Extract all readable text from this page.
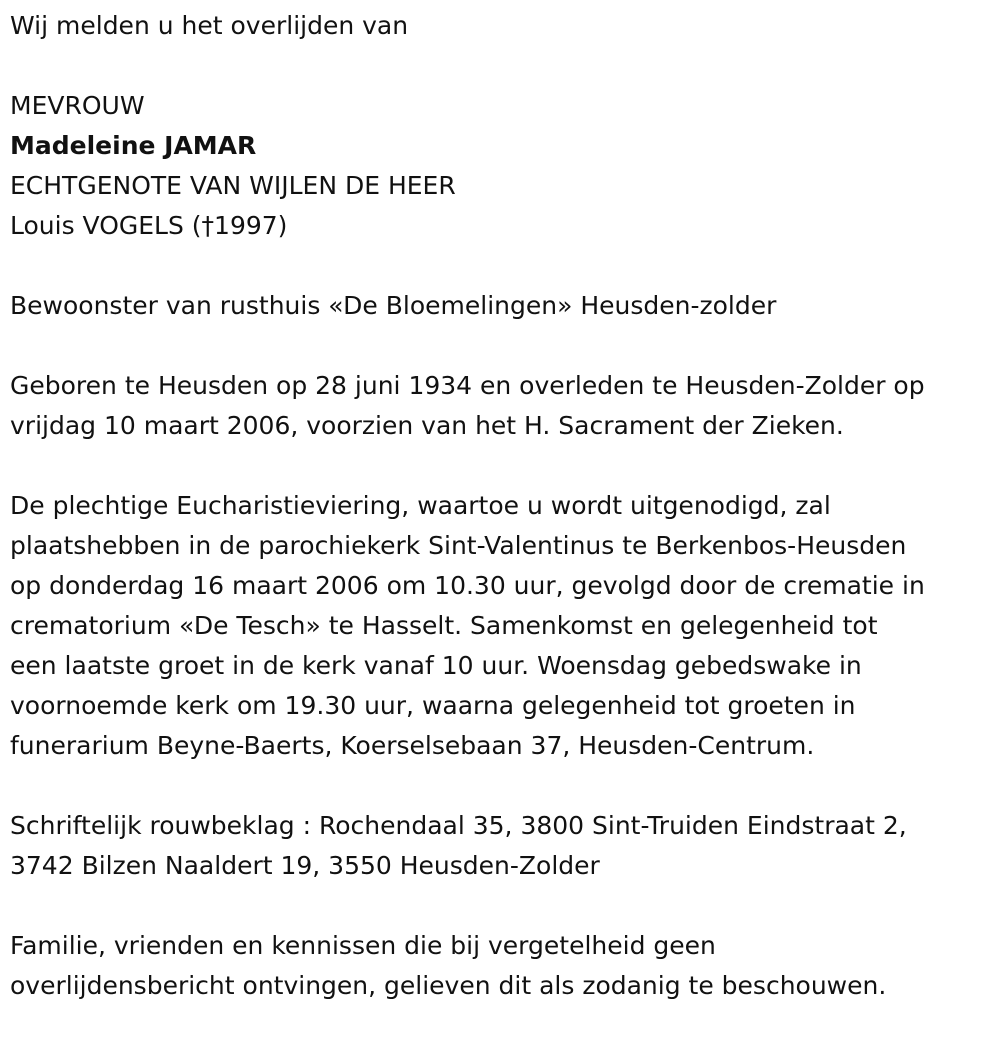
Wij melden u het overlijden van
MEVROUW
Madeleine JAMAR
ECHTGENOTE VAN WIJLEN DE HEER
Louis VOGELS (†1997)
Bewoonster van rusthuis «De Bloemelingen» Heusden-zolder
Geboren te Heusden op 28 juni 1934 en overleden te Heusden-Zolder op
vrijdag 10 maart 2006, voorzien van het H. Sacrament der Zieken.
De plechtige Eucharistieviering, waartoe u wordt uitgenodigd, zal
plaatshebben in de parochiekerk Sint-Valentinus te Berkenbos-Heusden
op donderdag 16 maart 2006 om 10.30 uur, gevolgd door de crematie in
crematorium «De Tesch» te Hasselt. Samenkomst en gelegenheid tot
een laatste groet in de kerk vanaf 10 uur. Woensdag gebedswake in
voornoemde kerk om 19.30 uur, waarna gelegenheid tot groeten in
funerarium Beyne-Baerts, Koerselsebaan 37, Heusden-Centrum.
Schriftelijk rouwbeklag : Rochendaal 35, 3800 Sint-Truiden Eindstraat 2,
3742 Bilzen Naaldert 19, 3550 Heusden-Zolder
Familie, vrienden en kennissen die bij vergetelheid geen
overlijdensbericht ontvingen, gelieven dit als zodanig te beschouwen.
